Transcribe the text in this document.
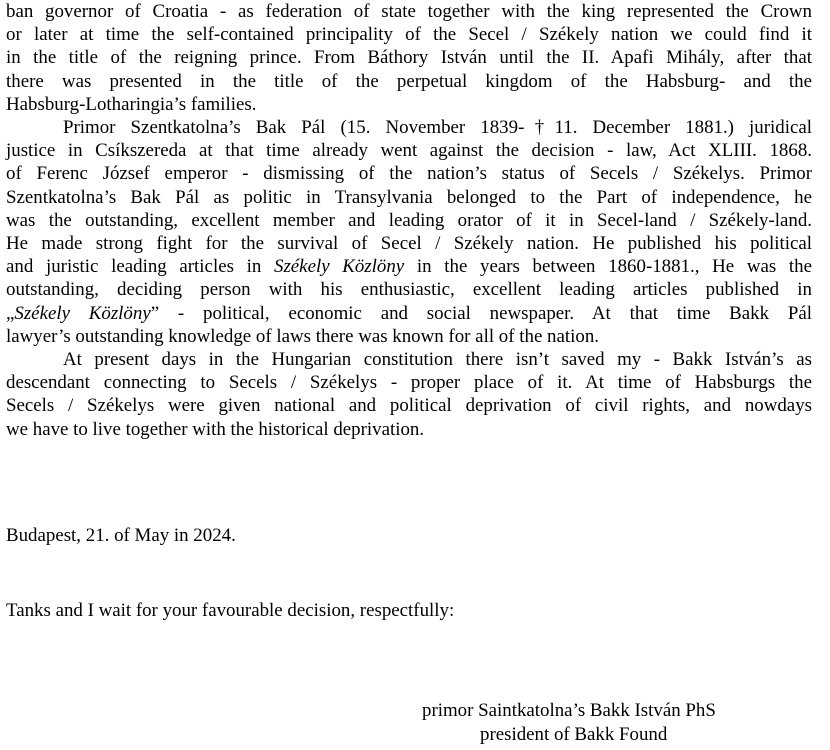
ban governor of Croatia - as federation of state together with the king represented the Crown
or later at time the self-contained principality of the Secel / Székely nation we could find it
in the title of the reigning prince. From Báthory István until the II. Apafi Mihály, after that
there was presented in the title of the perpetual kingdom of the Habsburg- and the
Habsburg-Lotharingia’s families.
Primor Szentkatolna’s Bak Pál (15. November 1839-†11. December 1881.) juridical
justice in Csíkszereda at that time already went against the decision - law, Act XLIII. 1868.
of Ferenc József emperor - dismissing of the nation’s status of Secels / Székelys. Primor
Szentkatolna’s Bak Pál as politic in Transylvania belonged to the Part of independence, he
was the outstanding, excellent member and leading orator of it in Secel-land / Székely-land.
He made strong fight for the survival of Secel / Székely nation. He published his political
and juristic leading articles in Székely Közlöny in the years between 1860-1881., He was the
outstanding, deciding person with his enthusiastic, excellent leading articles published in
„Székely Közlöny” - political, economic and social newspaper. At that time Bakk Pál
lawyer’s outstanding knowledge of laws there was known for all of the nation.
At present days in the Hungarian constitution there isn’t saved my - Bakk István’s as
descendant connecting to Secels / Székelys - proper place of it. At time of Habsburgs the
Secels / Székelys were given national and political deprivation of civil rights, and nowdays
we have to live together with the historical deprivation.

Budapest, 21. of May in 2024.

Tanks and I wait for your favourable decision, respectfully:

primor Saintkatolna’s Bakk István PhS

president of Bakk Found
